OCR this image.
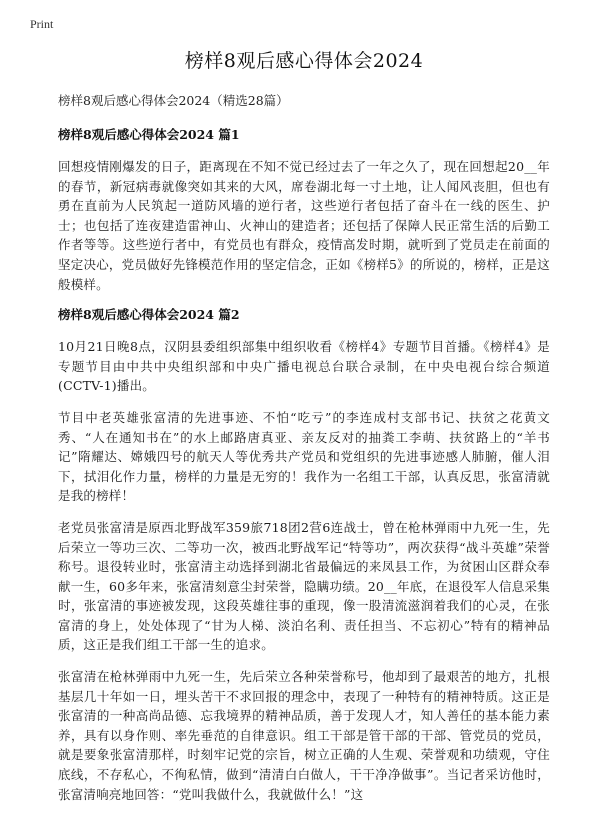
Print
榜样8观后感心得体会2024

榜样8观后感心得体会2024（精选28篇）

榜样8观后感心得体会2024 篇1

回想疫情刚爆发的日子，距离现在不知不觉已经过去了一年之久了，现在回想起20__年的春节，新冠病毒就像突如其来的大风，席卷湖北每一寸土地，让人闻风丧胆，但也有勇在直前为人民筑起一道防风墙的逆行者，这些逆行者包括了奋斗在一线的医生、护士；也包括了连夜建造雷神山、火神山的建造者；还包括了保障人民正常生活的后勤工作者等等。这些逆行者中，有党员也有群众，疫情高发时期，就听到了党员走在前面的坚定决心，党员做好先锋模范作用的坚定信念，正如《榜样5》的所说的，榜样，正是这般模样。

榜样8观后感心得体会2024 篇2

10月21日晚8点，汉阴县委组织部集中组织收看《榜样4》专题节目首播。《榜样4》是专题节目由中共中央组织部和中央广播电视总台联合录制，在中央电视台综合频道(CCTV-1)播出。

节目中老英雄张富清的先进事迹、不怕“吃亏”的李连成村支部书记、扶贫之花黄文秀、“人在通知书在”的水上邮路唐真亚、亲友反对的抽粪工李萌、扶贫路上的“羊书记”隋耀达、嫦娥四号的航天人等优秀共产党员和党组织的先进事迹感人肺腑，催人泪下，拭泪化作力量，榜样的力量是无穷的！我作为一名组工干部，认真反思，张富清就是我的榜样！

老党员张富清是原西北野战军359旅718团2营6连战士，曾在枪林弹雨中九死一生，先后荣立一等功三次、二等功一次，被西北野战军记“特等功”，两次获得“战斗英雄”荣誉称号。退役转业时，张富清主动选择到湖北省最偏远的来凤县工作，为贫困山区群众奉献一生，60多年来，张富清刻意尘封荣誉，隐瞒功绩。20__年底，在退役军人信息采集时，张富清的事迹被发现，这段英雄往事的重现，像一股清流滋润着我们的心灵，在张富清的身上，处处体现了“甘为人梯、淡泊名利、责任担当、不忘初心”特有的精神品质，这正是我们组工干部一生的追求。

张富清在枪林弹雨中九死一生，先后荣立各种荣誉称号，他却到了最艰苦的地方，扎根基层几十年如一日，埋头苦干不求回报的理念中，表现了一种特有的精神特质。这正是张富清的一种高尚品德、忘我境界的精神品质，善于发现人才，知人善任的基本能力素养，具有以身作则、率先垂范的自律意识。组工干部是管干部的干部、管党员的党员，就是要象张富清那样，时刻牢记党的宗旨，树立正确的人生观、荣誉观和功绩观，守住底线，不存私心，不徇私情，做到“清清白白做人，干干净净做事”。当记者采访他时，张富清响亮地回答：“党叫我做什么，我就做什么！”这
